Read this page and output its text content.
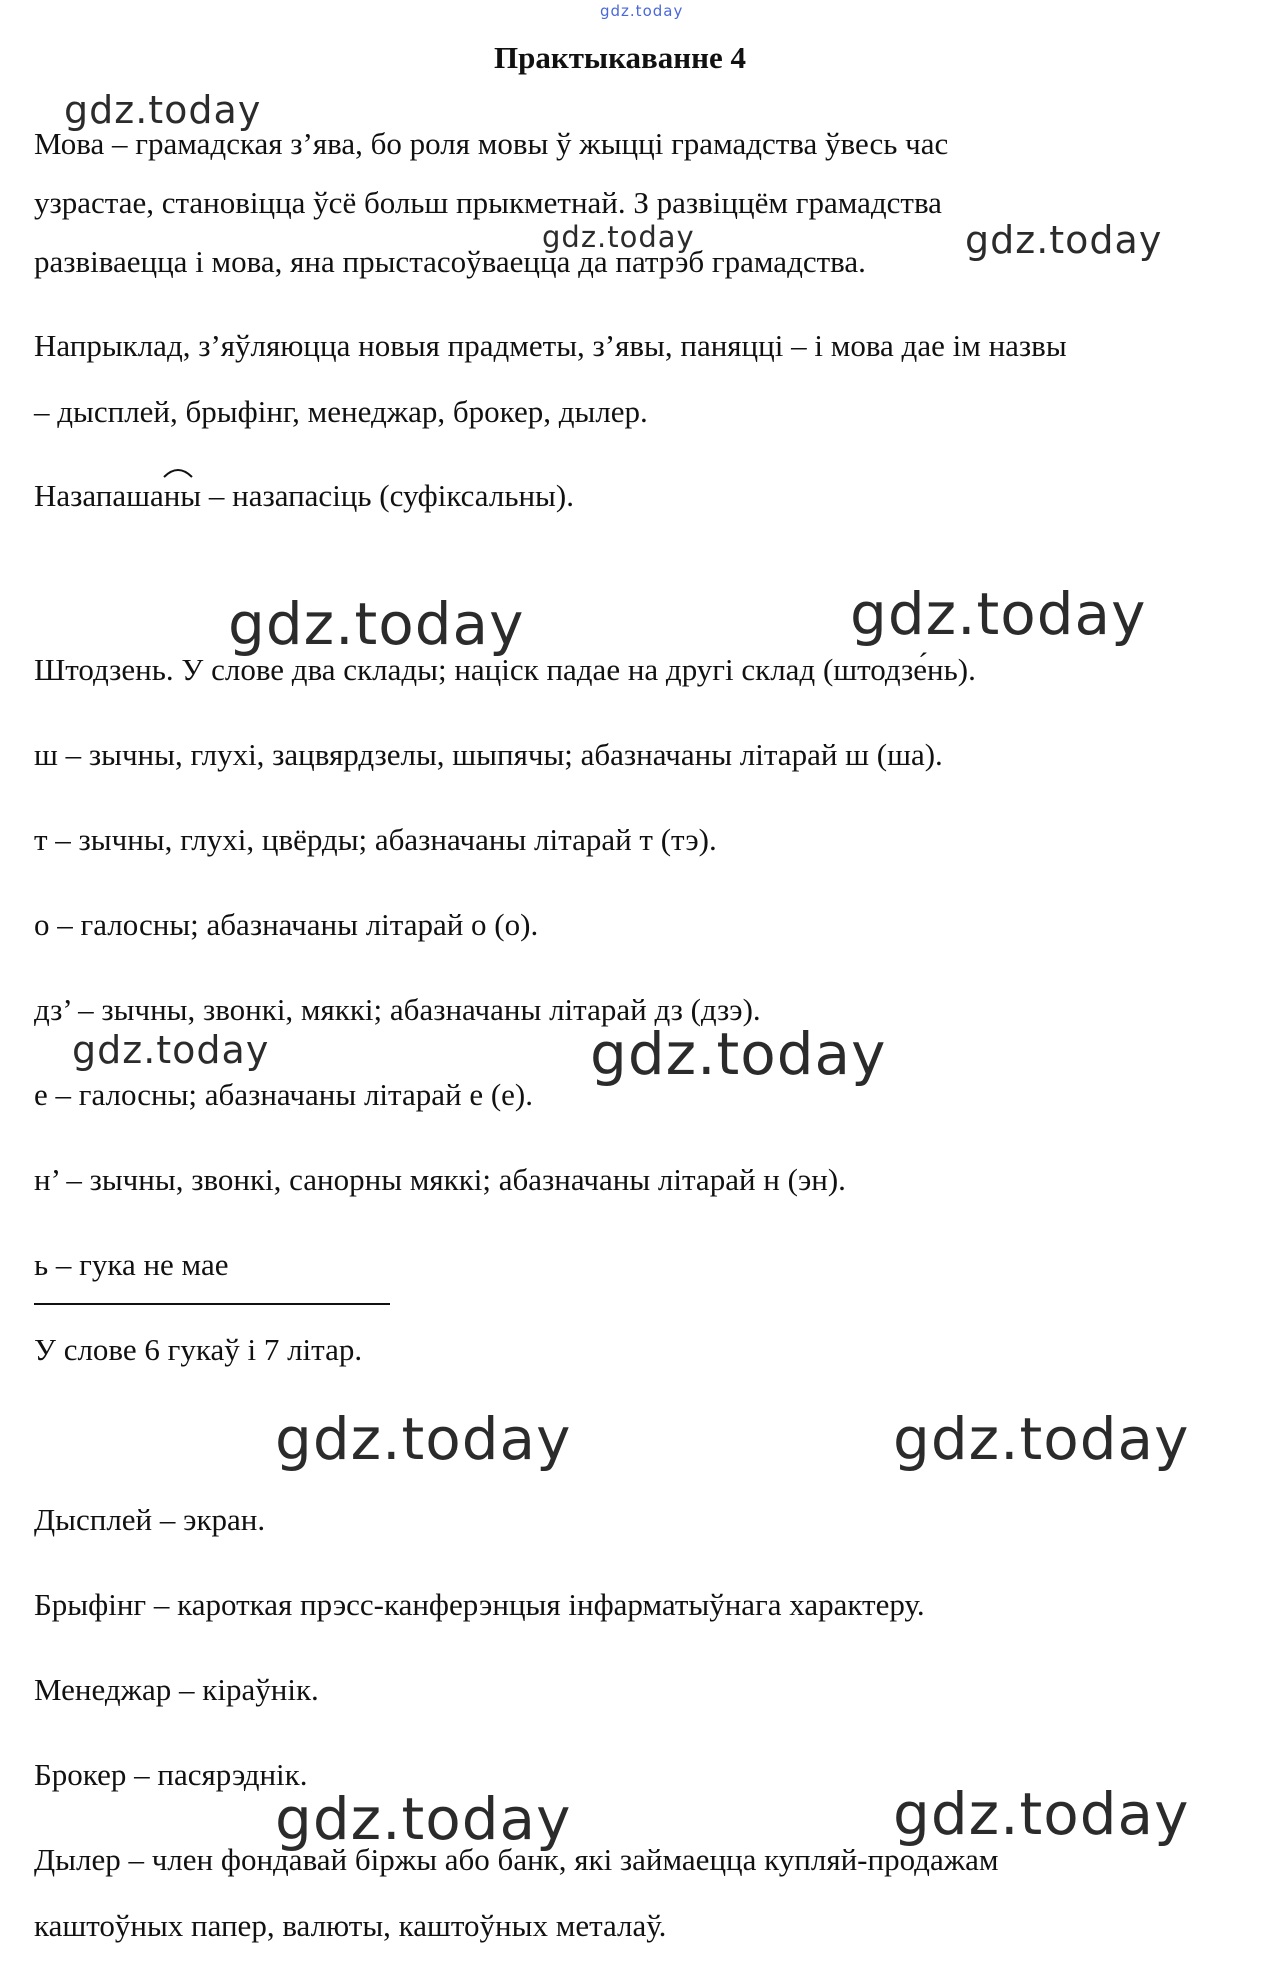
gdz.today
Практыкаванне 4
Мова – грамадская з’ява, бо роля мовы ў жыцці грамадства ўвесь час
узрастае, становіцца ўсё больш прыкметнай. З развіццём грамадства
развіваецца і мова, яна прыстасоўваецца да патрэб грамадства.
Напрыклад, з’яўляюцца новыя прадметы, з’явы, паняцці – і мова дае ім назвы
– дысплей, брыфінг, менеджар, брокер, дылер.
Назапашаны – назапасіць (суфіксальны).
Штодзень. У слове два склады; націск падае на другі склад (штодзе́нь).
ш – зычны, глухі, зацвярдзелы, шыпячы; абазначаны літарай ш (ша).
т – зычны, глухі, цвёрды; абазначаны літарай т (тэ).
о – галосны; абазначаны літарай о (о).
дз’ – зычны, звонкі, мяккі; абазначаны літарай дз (дзэ).
е – галосны; абазначаны літарай е (е).
н’ – зычны, звонкі, санорны мяккі; абазначаны літарай н (эн).
ь – гука не мае
У слове 6 гукаў і 7 літар.
Дысплей – экран.
Брыфінг – кароткая прэсс-канферэнцыя інфарматыўнага характеру.
Менеджар – кіраўнік.
Брокер – пасярэднік.
Дылер – член фондавай біржы або банк, які займаецца купляй-продажам
каштоўных папер, валюты, каштоўных металаў.
gdz.today
gdz.today	gdz.today
gdz.today	gdz.today
gdz.today	gdz.today
gdz.today	gdz.today
gdz.today	gdz.today
